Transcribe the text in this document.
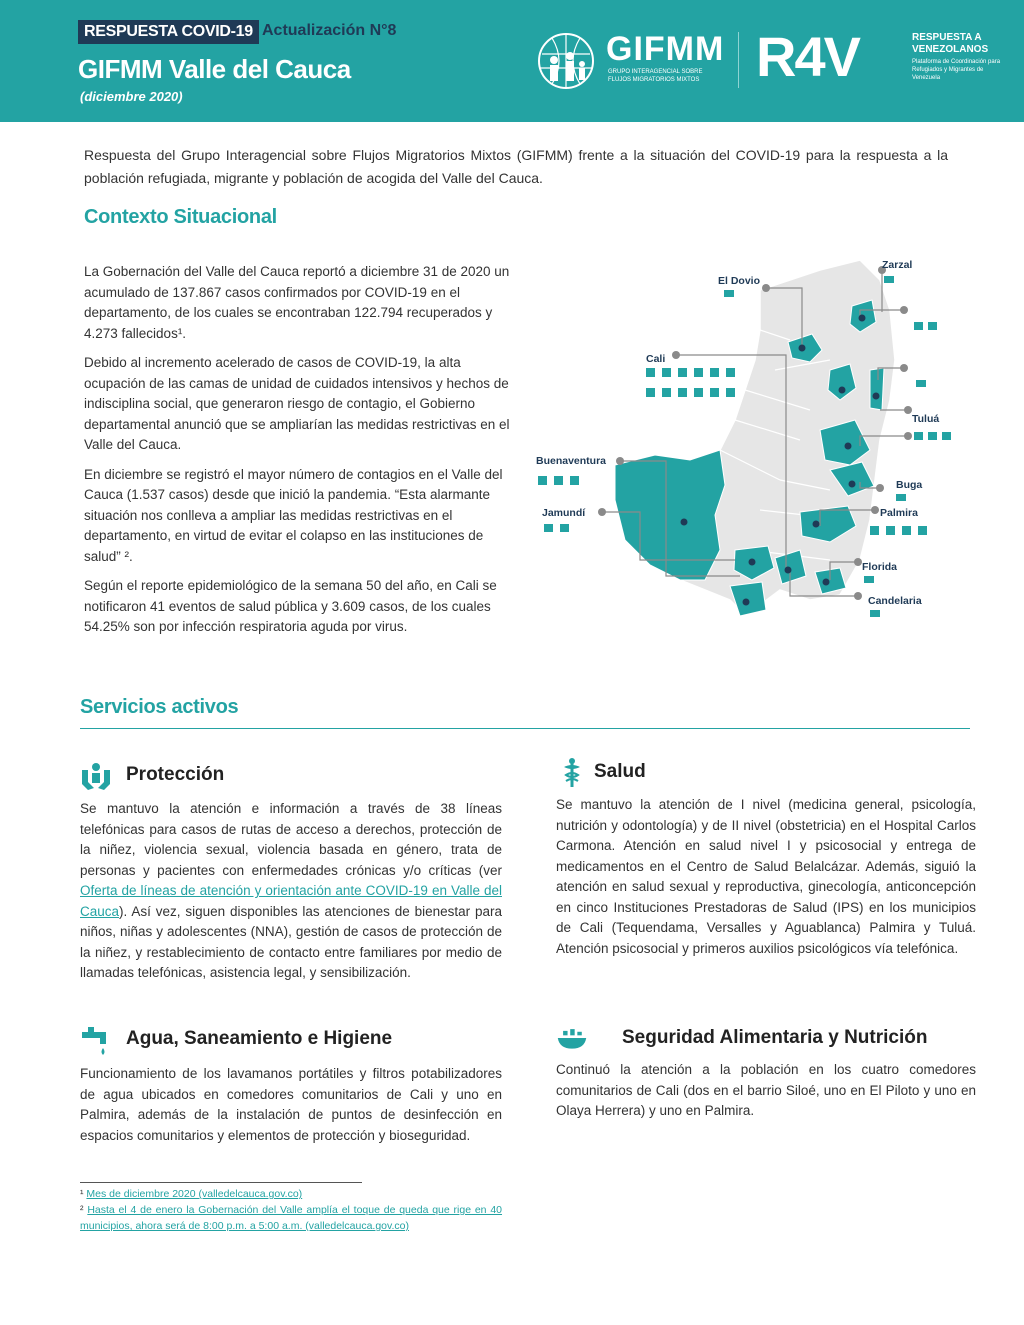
RESPUESTA COVID-19 Actualización N°8
GIFMM Valle del Cauca
(diciembre 2020)
GIFMM
GRUPO INTERAGENCIAL SOBRE FLUJOS MIGRATORIOS MIXTOS	R4V	RESPUESTA A VENEZOLANOS
Plataforma de Coordinación para Refugiados y Migrantes de Venezuela
Respuesta del Grupo Interagencial sobre Flujos Migratorios Mixtos (GIFMM) frente a la situación del COVID-19 para la respuesta a la población refugiada, migrante y población de acogida del Valle del Cauca.
Contexto Situacional

La Gobernación del Valle del Cauca reportó a diciembre 31 de 2020 un acumulado de 137.867 casos confirmados por COVID-19 en el departamento, de los cuales se encontraban 122.794 recuperados y 4.273 fallecidos¹.

Debido al incremento acelerado de casos de COVID-19, la alta ocupación de las camas de unidad de cuidados intensivos y hechos de indisciplina social, que generaron riesgo de contagio, el Gobierno departamental anunció que se ampliarían las medidas restrictivas en el Valle del Cauca.

En diciembre se registró el mayor número de contagios en el Valle del Cauca (1.537 casos) desde que inició la pandemia. “Esta alarmante situación nos conlleva a ampliar las medidas restrictivas en el departamento, en virtud de evitar el colapso en las instituciones de salud” ².

Según el reporte epidemiológico de la semana 50 del año, en Cali se notificaron 41 eventos de salud pública y 3.609 casos, de los cuales 54.25% son por infección respiratoria aguda por virus.

Zarzal
El Dovio
Cali
Tuluá
Buenaventura
Buga
Jamundí	Palmira
Florida
Candelaria
Servicios activos
Protección
Se mantuvo la atención e información a través de 38 líneas telefónicas para casos de rutas de acceso a derechos, protección de la niñez, violencia sexual, violencia basada en género, trata de personas y pacientes con enfermedades crónicas y/o críticas (ver Oferta de líneas de atención y orientación ante COVID-19 en Valle del Cauca). Así vez, siguen disponibles las atenciones de bienestar para niños, niñas y adolescentes (NNA), gestión de casos de protección de la niñez, y restablecimiento de contacto entre familiares por medio de llamadas telefónicas, asistencia legal, y sensibilización.
Agua, Saneamiento e Higiene
Funcionamiento de los lavamanos portátiles y filtros potabilizadores de agua ubicados en comedores comunitarios de Cali y uno en Palmira, además de la instalación de puntos de desinfección en espacios comunitarios y elementos de protección y bioseguridad.
Salud
Se mantuvo la atención de I nivel (medicina general, psicología, nutrición y odontología) y de II nivel (obstetricia) en el Hospital Carlos Carmona. Atención en salud nivel I y psicosocial y entrega de medicamentos en el Centro de Salud Belalcázar. Además, siguió la atención en salud sexual y reproductiva, ginecología, anticoncepción en cinco Instituciones Prestadoras de Salud (IPS) en los municipios de Cali (Tequendama, Versalles y Aguablanca) Palmira y Tuluá. Atención psicosocial y primeros auxilios psicológicos vía telefónica.
Seguridad Alimentaria y Nutrición
Continuó la atención a la población en los cuatro comedores comunitarios de Cali (dos en el barrio Siloé, uno en El Piloto y uno en Olaya Herrera) y uno en Palmira.

¹ Mes de diciembre 2020 (valledelcauca.gov.co)

² Hasta el 4 de enero la Gobernación del Valle amplía el toque de queda que rige en 40 municipios, ahora será de 8:00 p.m. a 5:00 a.m. (valledelcauca.gov.co)
